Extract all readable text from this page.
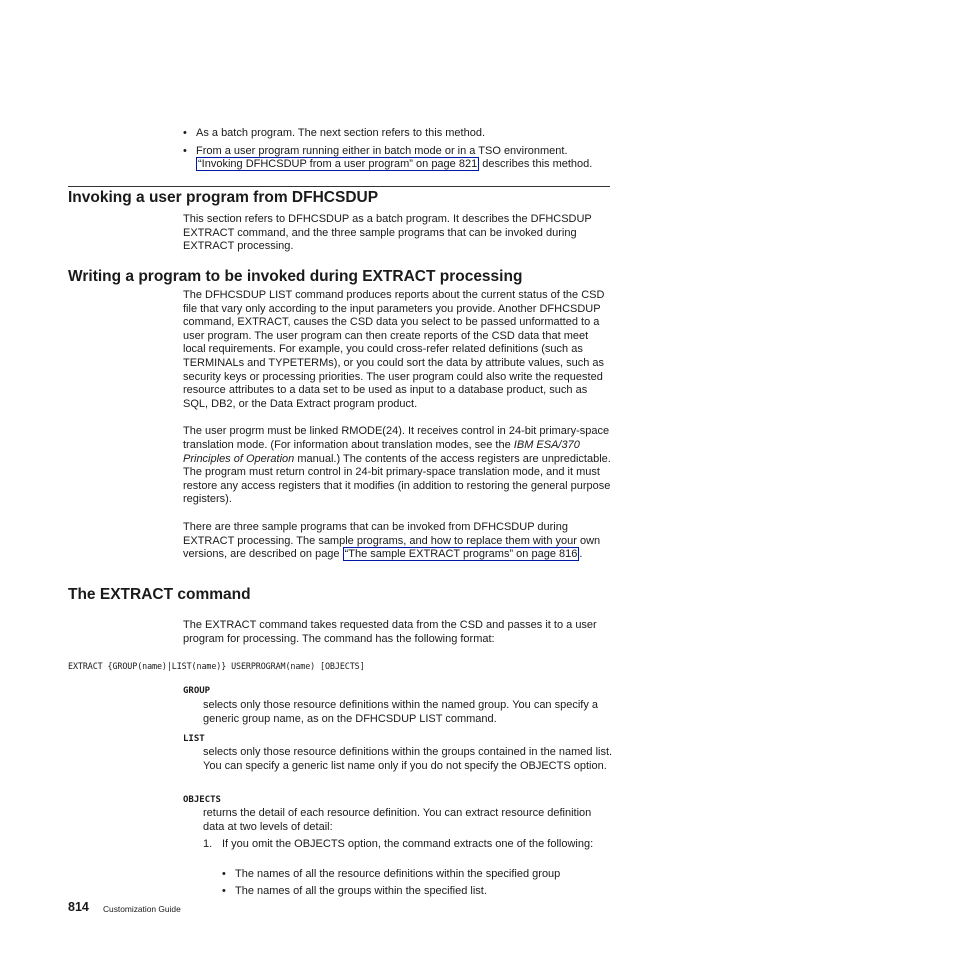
• As a batch program. The next section refers to this method.
• From a user program running either in batch mode or in a TSO environment.
“Invoking DFHCSDUP from a user program” on page 821 describes this method.
Invoking a user program from DFHCSDUP

This section refers to DFHCSDUP as a batch program. It describes the DFHCSDUP EXTRACT command, and the three sample programs that can be invoked during EXTRACT processing.

Writing a program to be invoked during EXTRACT processing

The DFHCSDUP LIST command produces reports about the current status of the CSD file that vary only according to the input parameters you provide. Another DFHCSDUP command, EXTRACT, causes the CSD data you select to be passed unformatted to a user program. The user program can then create reports of the CSD data that meet local requirements. For example, you could cross-refer related definitions (such as TERMINALs and TYPETERMs), or you could sort the data by attribute values, such as security keys or processing priorities. The user program could also write the requested resource attributes to a data set to be used as input to a database product, such as SQL, DB2, or the Data Extract program product.

The user progrm must be linked RMODE(24). It receives control in 24-bit primary-space translation mode. (For information about translation modes, see the IBM ESA/370 Principles of Operation manual.) The contents of the access registers are unpredictable. The program must return control in 24-bit primary-space translation mode, and it must restore any access registers that it modifies (in addition to restoring the general purpose registers).

There are three sample programs that can be invoked from DFHCSDUP during EXTRACT processing. The sample programs, and how to replace them with your own versions, are described on page “The sample EXTRACT programs” on page 816 .

The EXTRACT command

The EXTRACT command takes requested data from the CSD and passes it to a user program for processing. The command has the following format:

EXTRACT {GROUP(name)|LIST(name)} USERPROGRAM(name) [OBJECTS]
GROUP
selects only those resource definitions within the named group. You can specify a generic group name, as on the DFHCSDUP LIST command.
LIST
selects only those resource definitions within the groups contained in the named list. You can specify a generic list name only if you do not specify the OBJECTS option.
OBJECTS
returns the detail of each resource definition. You can extract resource definition data at two levels of detail:
1. If you omit the OBJECTS option, the command extracts one of the following:
• The names of all the resource definitions within the specified group
• The names of all the groups within the specified list.
814 Customization Guide
